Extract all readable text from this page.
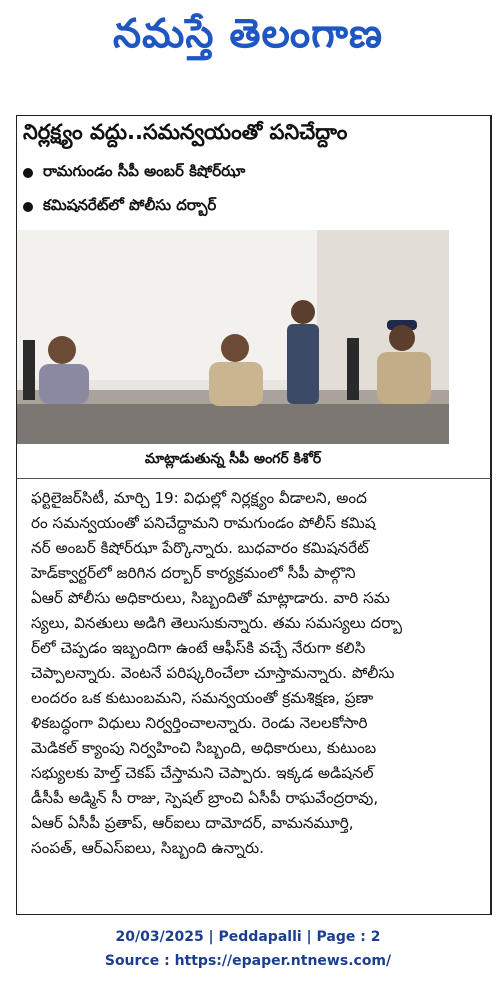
నమస్తే తెలంగాణ
నిర్లక్ష్యం వద్దు..సమన్వయంతో పనిచేద్దాం
రామగుండం సీపీ అంబర్ కిషోర్‌ఝా
కమిషనరేట్‌లో పోలీసు దర్బార్
మాట్లాడుతున్న సీపీ అంగర్ కిశోర్

ఫర్టిలైజర్‌సిటీ, మార్చి 19: విధుల్లో నిర్లక్ష్యం వీడాలని, అంద

రం సమన్వయంతో పనిచేద్దామని రామగుండం పోలీస్ కమిష

నర్ అంబర్ కిషోర్‌ఝా పేర్కొన్నారు. బుధవారం కమిషనరేట్

హెడ్‌క్వార్టర్‌లో జరిగిన దర్బార్ కార్యక్రమంలో సీపీ పాల్గొని

ఏఆర్ పోలీసు అధికారులు, సిబ్బందితో మాట్లాడారు. వారి సమ

స్యలు, వినతులు అడిగి తెలుసుకున్నారు. తమ సమస్యలు దర్బా

ర్‌లో చెప్పడం ఇబ్బందిగా ఉంటే ఆఫీస్‌కి వచ్చే నేరుగా కలిసి

చెప్పాలన్నారు. వెంటనే పరిష్కరించేలా చూస్తామన్నారు. పోలీసు

లందరం ఒక కుటుంబమని, సమన్వయంతో క్రమశిక్షణ, ప్రణా

ళికబద్ధంగా విధులు నిర్వర్తించాలన్నారు. రెండు నెలలకోసారి

మెడికల్ క్యాంపు నిర్వహించి సిబ్బంది, అధికారులు, కుటుంబ

సభ్యులకు హెల్త్ చెకప్ చేస్తామని చెప్పారు. ఇక్కడ అడిషనల్

డీసీపీ అడ్మిన్ సీ రాజు, స్పెషల్ బ్రాంచి ఏసీపీ రాఘవేంద్రరావు,

ఏఆర్ ఏసీపీ ప్రతాప్, ఆర్ఐలు దామోదర్, వామనమూర్తి,

సంపత్, ఆర్ఎస్ఐలు, సిబ్బంది ఉన్నారు.

20/03/2025 | Peddapalli | Page : 2
Source : https://epaper.ntnews.com/
